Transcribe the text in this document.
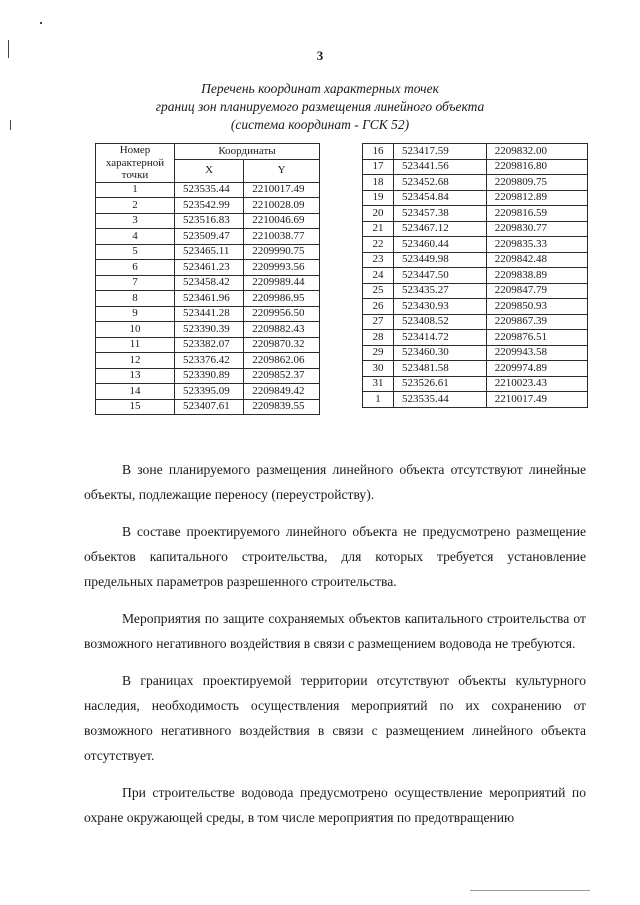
3
Перечень координат характерных точек
границ зон планируемого размещения линейного объекта
(система координат - ГСК 52)
Номер характерной точки	Координаты	
	X	Y
1	523535.44	2210017.49
2	523542.99	2210028.09
3	523516.83	2210046.69
4	523509.47	2210038.77
5	523465.11	2209990.75
6	523461.23	2209993.56
7	523458.42	2209989.44
8	523461.96	2209986.95
9	523441.28	2209956.50
10	523390.39	2209882.43
11	523382.07	2209870.32
12	523376.42	2209862.06
13	523390.89	2209852.37
14	523395.09	2209849.42
15	523407.61	2209839.55
16	523417.59	2209832.00
17	523441.56	2209816.80
18	523452.68	2209809.75
19	523454.84	2209812.89
20	523457.38	2209816.59
21	523467.12	2209830.77
22	523460.44	2209835.33
23	523449.98	2209842.48
24	523447.50	2209838.89
25	523435.27	2209847.79
26	523430.93	2209850.93
27	523408.52	2209867.39
28	523414.72	2209876.51
29	523460.30	2209943.58
30	523481.58	2209974.89
31	523526.61	2210023.43
1	523535.44	2210017.49

В зоне планируемого размещения линейного объекта отсутствуют линейные объекты, подлежащие переносу (переустройству).

В составе проектируемого линейного объекта не предусмотрено размещение объектов капитального строительства, для которых требуется установление предельных параметров разрешенного строительства.

Мероприятия по защите сохраняемых объектов капитального строительства от возможного негативного воздействия в связи с размещением водовода не требуются.

В границах проектируемой территории отсутствуют объекты культурного наследия, необходимость осуществления мероприятий по их сохранению от возможного негативного воздействия в связи с размещением линейного объекта отсутствует.

При строительстве водовода предусмотрено осуществление мероприятий по охране окружающей среды, в том числе мероприятия по предотвращению
